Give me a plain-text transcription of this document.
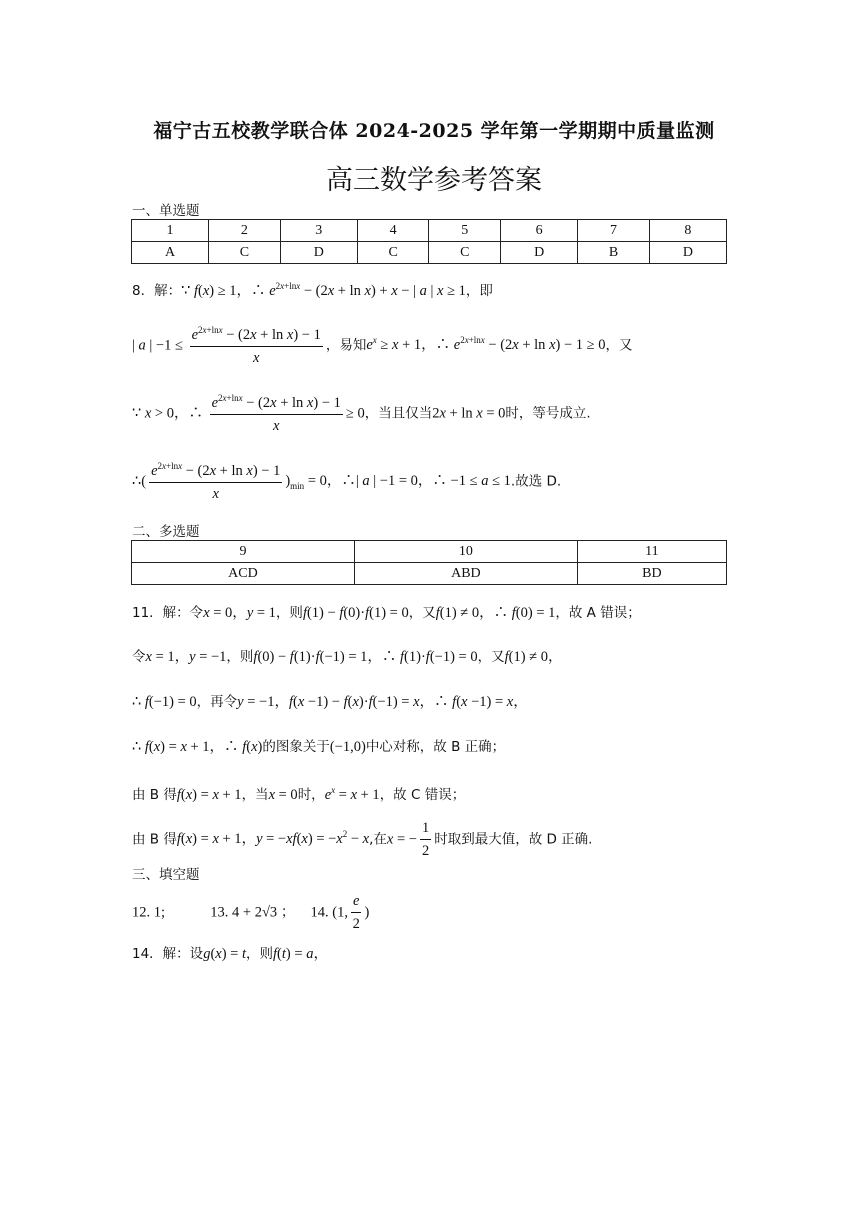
福宁古五校教学联合体 2024-2025 学年第一学期期中质量监测
高三数学参考答案
一、单选题
1	2	3	4	5	6	7	8
A	C	D	C	C	D	B	D
8．解：∵ f(x) ≥ 1，∴ $e^{2x+lnx} - (2x + \ln x) + x$ − | a | x ≥ 1，即
| a | $-1 \le \frac{e^{2x+lnx} - (2x + \ln x) - 1}{x}$ ，易知$e^x \ge x + 1$，∴ $e^{2x+lnx} - (2x + \ln x) - 1 \ge 0$，又
∵ x > 0，∴ $\frac{e^{2x+lnx} - (2x + \ln x) - 1}{x} \ge 0$，当且仅当2x + ln x = 0时，等号成立.
∴( $\frac{e^{2x+lnx} - (2x + \ln x) - 1}{x} )_{min} = 0$，∴| a | −1 = 0，∴ −1 ≤ a ≤ 1.故选 D.
二、多选题
9	10	11
ACD	ABD	BD
11．解：令x = 0，y = 1，则f(1) − f(0)·f(1) = 0，又f(1) ≠ 0，∴ f(0) = 1，故 A 错误；
令x = 1，y = −1，则f(0) − f(1)·f(−1) = 1，∴ f(1)·f(−1) = 0，又f(1) ≠ 0，
∴ f(−1) = 0，再令y = −1，f(x −1) − f(x)·f(−1) = x，∴ f(x −1) = x，
∴ f(x) = x + 1，∴ f(x)的图象关于(−1,0)中心对称，故 B 正确；
由 B 得f(x) = x + 1，当x = 0时，$e^x = x + 1$，故 C 错误；
由 B 得f(x) = x + 1，$y = -xf(x) = -x^2 - x$,在x = − $\frac{1}{2}$ 时取到最大值，故 D 正确.
三、填空题
12. 1;	13. 4 + 2√3 ； 14. (1, $\frac{e}{2}$ )
14．解：设g(x) = t，则f(t) = a，
